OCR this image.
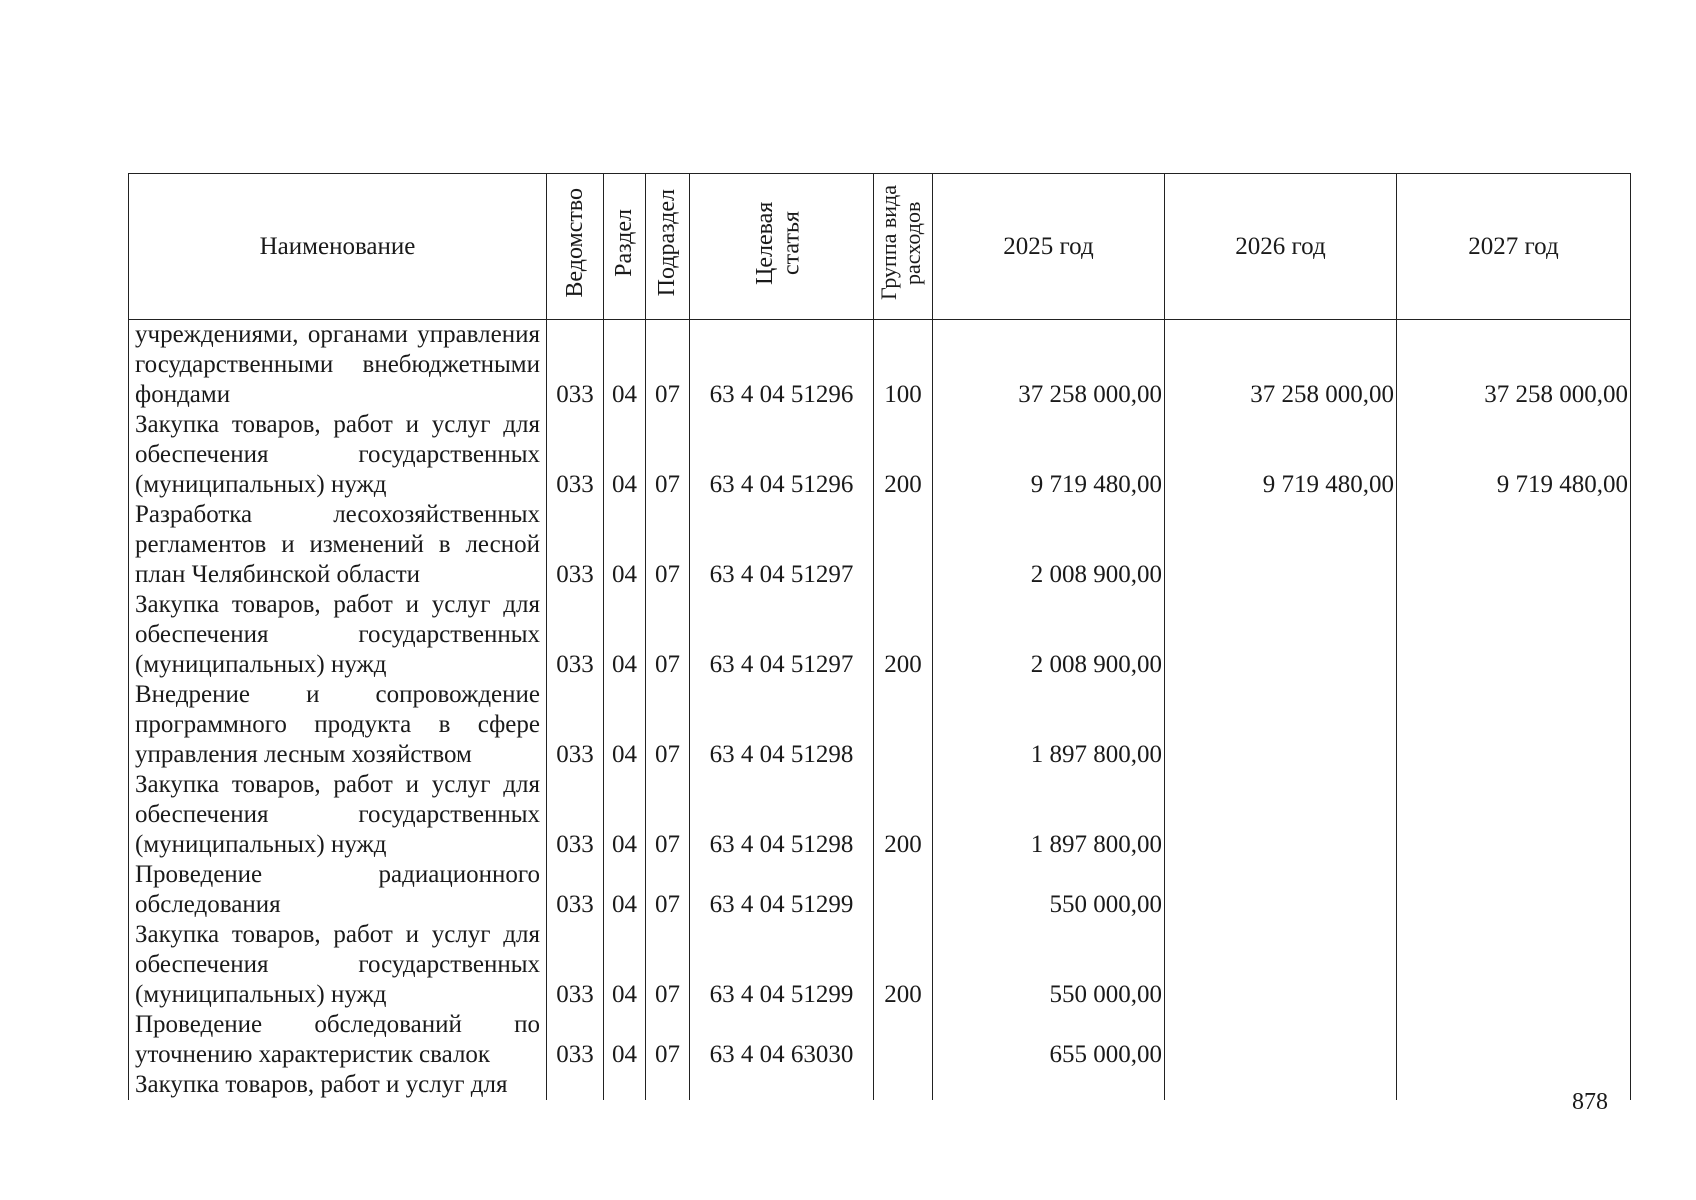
Наименование	Ведомство	Раздел	Подраздел	Целевая статья	Группа вида расходов	2025 год	2026 год	2027 год
учреждениями, органами управления государственными внебюджетными фондами	033	04	07	63 4 04 51296	100	37 258 000,00	37 258 000,00	37 258 000,00
Закупка товаров, работ и услуг для обеспечения государственных (муниципальных) нужд	033	04	07	63 4 04 51296	200	9 719 480,00	9 719 480,00	9 719 480,00
Разработка лесохозяйственных регламентов и изменений в лесной план Челябинской области	033	04	07	63 4 04 51297		2 008 900,00		
Закупка товаров, работ и услуг для обеспечения государственных (муниципальных) нужд	033	04	07	63 4 04 51297	200	2 008 900,00		
Внедрение и сопровождение программного продукта в сфере управления лесным хозяйством	033	04	07	63 4 04 51298		1 897 800,00		
Закупка товаров, работ и услуг для обеспечения государственных (муниципальных) нужд	033	04	07	63 4 04 51298	200	1 897 800,00		
Проведение радиационного обследования	033	04	07	63 4 04 51299		550 000,00		
Закупка товаров, работ и услуг для обеспечения государственных (муниципальных) нужд	033	04	07	63 4 04 51299	200	550 000,00		
Проведение обследований по уточнению характеристик свалок	033	04	07	63 4 04 63030		655 000,00		
Закупка товаров, работ и услуг для								
878
